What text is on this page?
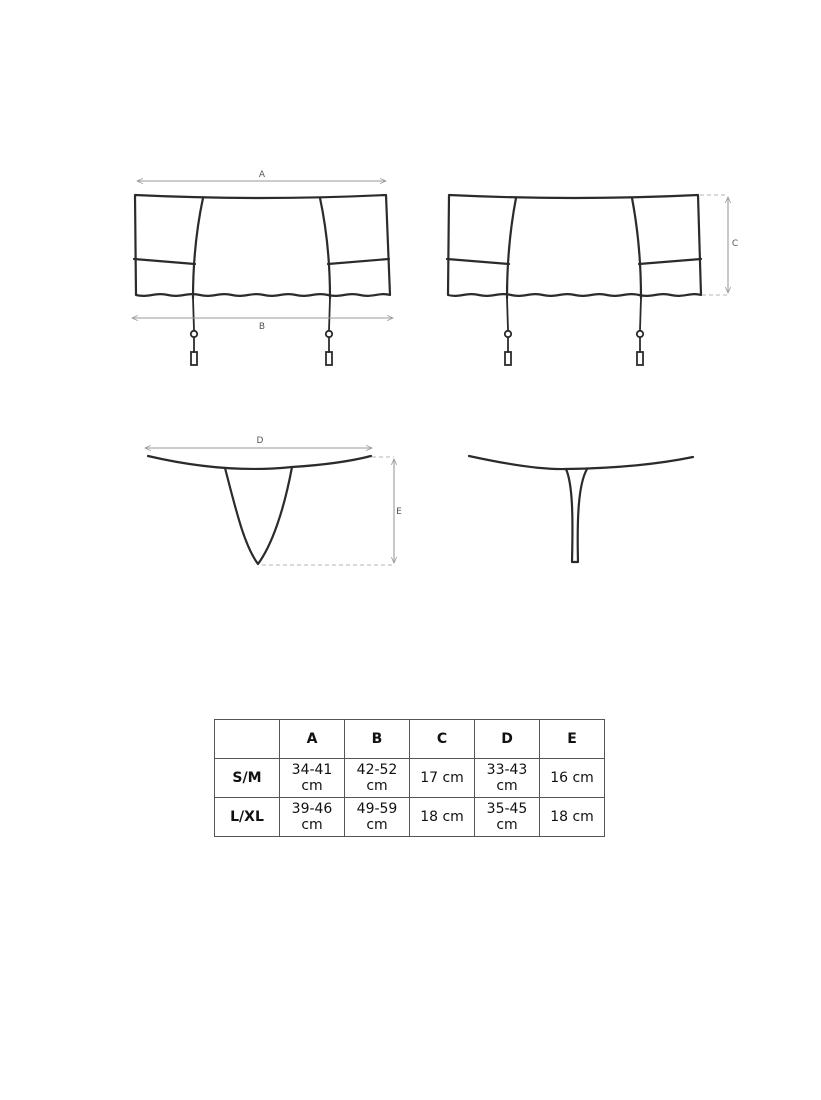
A
B
C
D
E
	A	B	C	D	E
S/M	34-41 cm	42-52 cm	17 cm	33-43 cm	16 cm
L/XL	39-46 cm	49-59 cm	18 cm	35-45 cm	18 cm
